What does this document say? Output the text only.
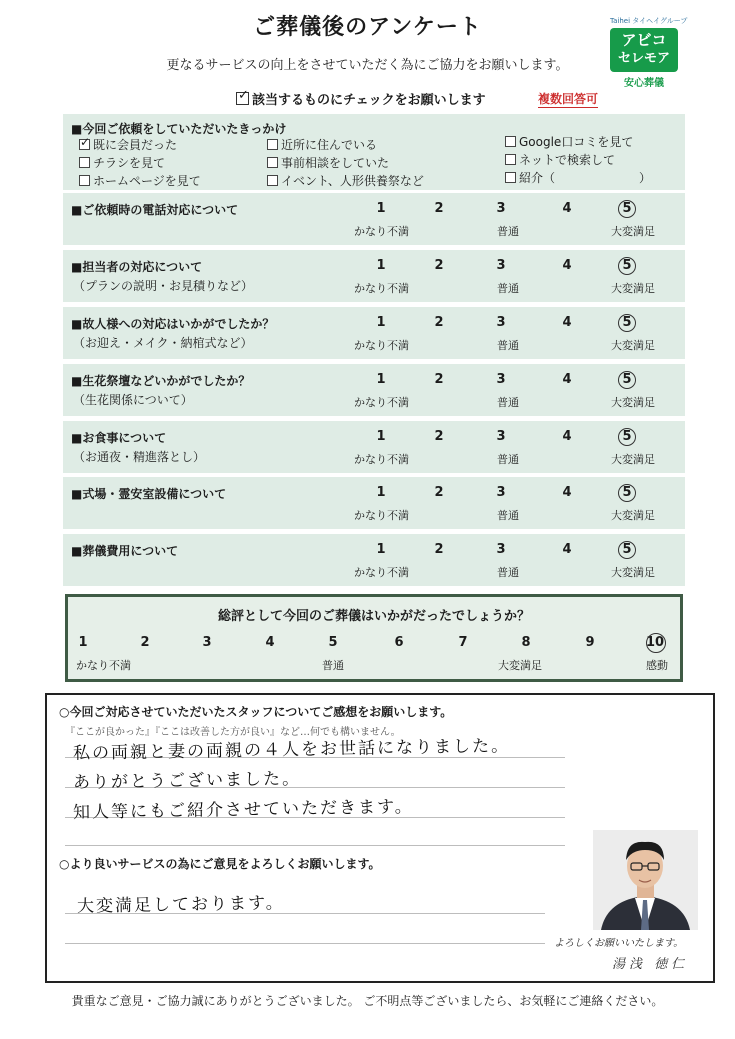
ご葬儀後のアンケート
更なるサービスの向上をさせていただく為にご協力をお願いします。
Taihei タイヘイグループ
アビコ
セレモア
安心葬儀
✓ 該当するものにチェックをお願いします	複数回答可
■今回ご依頼をしていただいたきっかけ
✓ 既に会員だった	近所に住んでいる	Google口コミを見て
チラシを見て	事前相談をしていた	ネットで検索して
ホームページを見て	イベント、人形供養祭など	紹介（　　　　　　　）
■ご依頼時の電話対応について	1	2	3	4	5
かなり不満	普通	大変満足
■担当者の対応について
（プランの説明・お見積りなど）
1	2	3	4	5
かなり不満	普通	大変満足
■故人様への対応はいかがでしたか？
（お迎え・メイク・納棺式など）
1	2	3	4	5
かなり不満	普通	大変満足
■生花祭壇などいかがでしたか？
（生花関係について）
1	2	3	4	5
かなり不満	普通	大変満足
■お食事について
（お通夜・精進落とし）
1	2	3	4	5
かなり不満	普通	大変満足
■式場・霊安室設備について	1	2	3	4	5
かなり不満	普通	大変満足
■葬儀費用について	1	2	3	4	5
かなり不満	普通	大変満足
総評として今回のご葬儀はいかがだったでしょうか？
1	2	3	4	5	6	7	8	9	10
かなり不満	普通	大変満足	感動
○今回ご対応させていただいたスタッフについてご感想をお願いします。
『ここが良かった』『ここは改善した方が良い』など…何でも構いません。
私の両親と妻の両親の４人をお世話になりました。
ありがとうございました。
知人等にもご紹介させていただきます。
○より良いサービスの為にご意見をよろしくお願いします。
大変満足しております。
よろしくお願いいたします。
湯浅 徳仁
貴重なご意見・ご協力誠にありがとうございました。 ご不明点等ございましたら、お気軽にご連絡ください。
